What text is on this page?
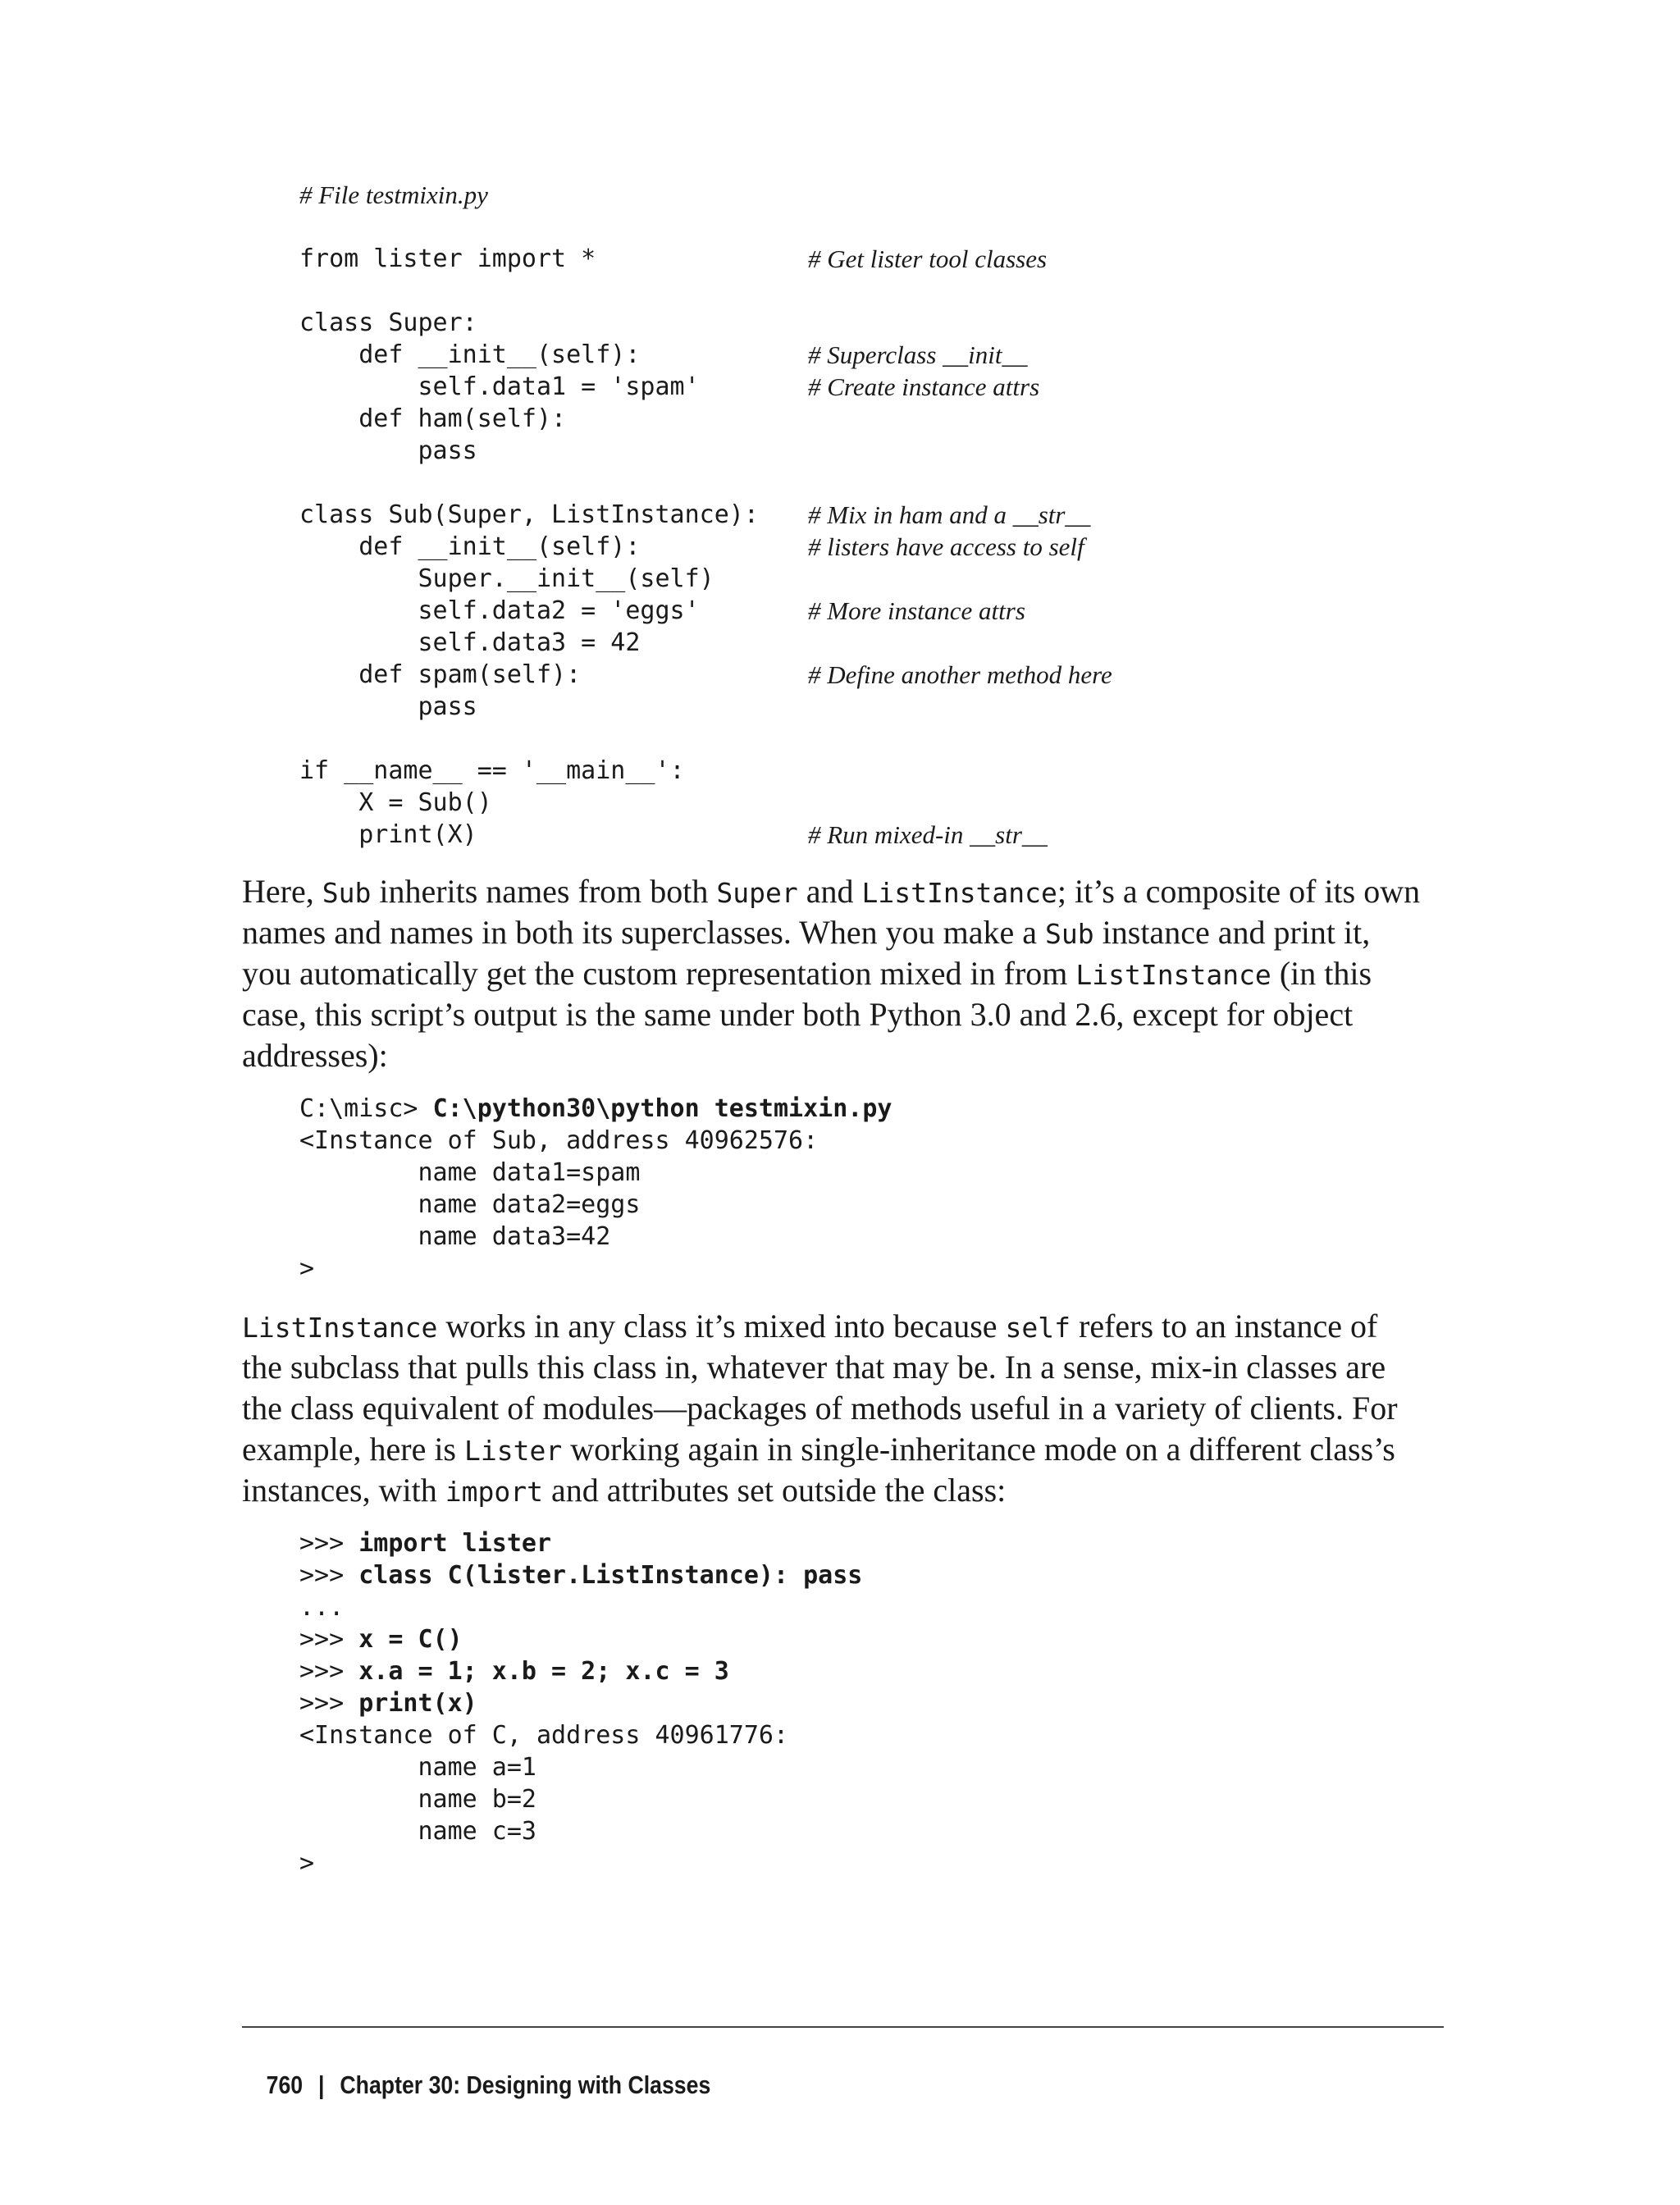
# File testmixin.py
from lister import *	# Get lister tool classes
class Super:
def __init__(self):	# Superclass __init__
self.data1 = 'spam'	# Create instance attrs
def ham(self):
pass
class Sub(Super, ListInstance): # Mix in ham and a __str__
def __init__(self):	# listers have access to self
Super.__init__(self)
self.data2 = 'eggs'	# More instance attrs
self.data3 = 42
def spam(self):	# Define another method here
pass
if __name__ == '__main__':
X = Sub()
print(X)	# Run mixed-in __str__
Here, Sub inherits names from both Super and ListInstance; it’s a composite of its own
names and names in both its superclasses. When you make a Sub instance and print it,
you automatically get the custom representation mixed in from ListInstance (in this
case, this script’s output is the same under both Python 3.0 and 2.6, except for object
addresses):
C:\misc> C:\python30\python testmixin.py
<Instance of Sub, address 40962576:
name data1=spam
name data2=eggs
name data3=42
>
ListInstance works in any class it’s mixed into because self refers to an instance of
the subclass that pulls this class in, whatever that may be. In a sense, mix-in classes are
the class equivalent of modules—packages of methods useful in a variety of clients. For
example, here is Lister working again in single-inheritance mode on a different class’s
instances, with import and attributes set outside the class:
>>> import lister
>>> class C(lister.ListInstance): pass
...
>>> x = C()
>>> x.a = 1; x.b = 2; x.c = 3
>>> print(x)
<Instance of C, address 40961776:
name a=1
name b=2
name c=3
>

760 | Chapter 30: Designing with Classes
